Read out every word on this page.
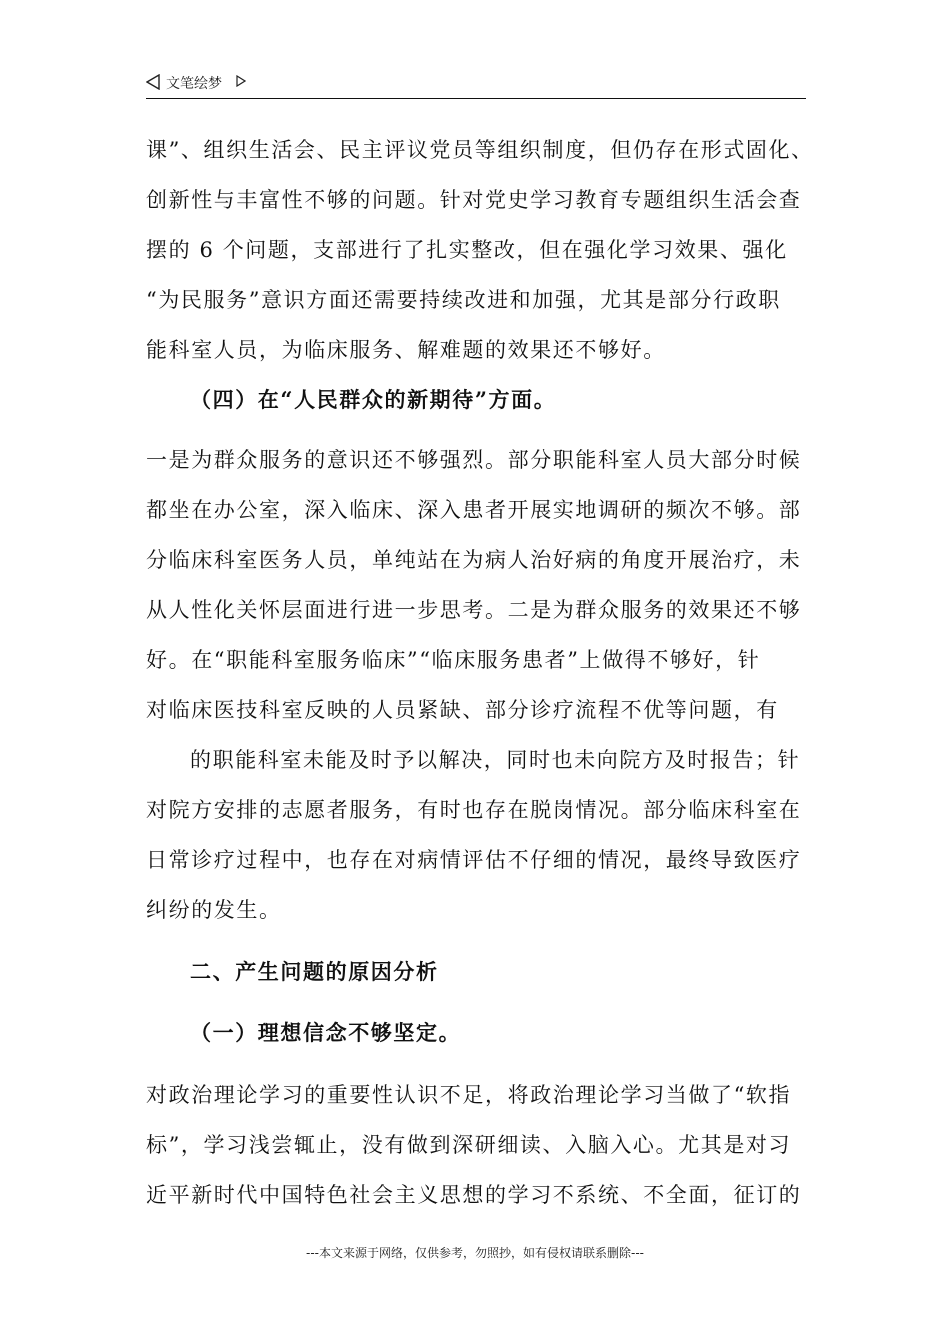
文笔绘梦
课”、组织生活会、民主评议党员等组织制度，但仍存在形式固化、
创新性与丰富性不够的问题。针对党史学习教育专题组织生活会查
摆的 6 个问题，支部进行了扎实整改，但在强化学习效果、强化
“为民服务”意识方面还需要持续改进和加强，尤其是部分行政职
能科室人员，为临床服务、解难题的效果还不够好。
（四）在“人民群众的新期待”方面。
一是为群众服务的意识还不够强烈。部分职能科室人员大部分时候
都坐在办公室，深入临床、深入患者开展实地调研的频次不够。部
分临床科室医务人员，单纯站在为病人治好病的角度开展治疗，未
从人性化关怀层面进行进一步思考。二是为群众服务的效果还不够
好。在“职能科室服务临床”“临床服务患者”上做得不够好，针
对临床医技科室反映的人员紧缺、部分诊疗流程不优等问题，有
的职能科室未能及时予以解决，同时也未向院方及时报告；针
对院方安排的志愿者服务，有时也存在脱岗情况。部分临床科室在
日常诊疗过程中，也存在对病情评估不仔细的情况，最终导致医疗
纠纷的发生。
二、产生问题的原因分析
（一）理想信念不够坚定。
对政治理论学习的重要性认识不足，将政治理论学习当做了“软指
标”，学习浅尝辄止，没有做到深研细读、入脑入心。尤其是对习
近平新时代中国特色社会主义思想的学习不系统、不全面，征订的
---本文来源于网络，仅供参考，勿照抄，如有侵权请联系删除---
